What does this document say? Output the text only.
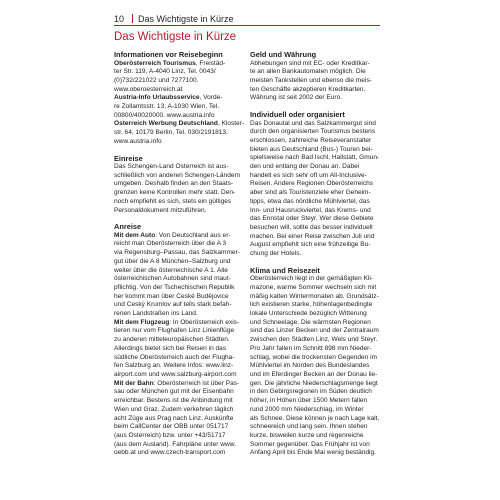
10 Das Wichtigste in Kürze
Das Wichtigste in Kürze
Informationen vor Reisebeginn

Oberösterreich Tourismus, Freistäd-
ter Str. 119, A-4040 Linz, Tel. 0043/
(0)732/221022 und 7277100.
www.oberoesterreich.at
Austria-Info Urlaubsservice, Vorde-
re Zollamtsstr. 13, A-1030 Wien, Tel.
00800/40020000. www.austria.info
Österreich Werbung Deutschland, Kloster-
str. 64, 10179 Berlin, Tel. 030/2191813.
www.austria.info

Einreise

Das Schengen-Land Österreich ist aus-
schließlich von anderen Schengen-Ländern
umgeben. Deshalb finden an den Staats-
grenzen keine Kontrollen mehr statt. Den-
noch empfiehlt es sich, stets ein gültiges
Personaldokument mitzuführen.

Anreise

Mit dem Auto: Von Deutschland aus er-
reicht man Oberösterreich über die A 3
via Regensburg–Passau, das Salzkammer-
gut über die A 8 München–Salzburg und
weiter über die österreichische A 1. Alle
österreichischen Autobahnen sind maut-
pflichtig. Von der Tschechischen Republik
her kommt man über České Budějovice
und Český Krumlov auf teils stark befah-
renen Landstraßen ins Land.
Mit dem Flugzeug: In Oberösterreich exis-
tieren nur vom Flughafen Linz Linienflüge
zu anderen mitteleuropäischen Städten.
Allerdings bietet sich bei Reisen in das
südliche Oberösterreich auch der Flugha-
fen Salzburg an. Weitere Infos: www.linz-
airport.com und www.salzburg-airport.com
Mit der Bahn: Oberösterreich ist über Pas-
sau oder München gut mit der Eisenbahn
erreichbar. Bestens ist die Anbindung mit
Wien und Graz. Zudem verkehren täglich
acht Züge aus Prag nach Linz. Auskünfte
beim CallCenter der ÖBB unter 051717
(aus Österreich) bzw. unter +43/51717
(aus dem Ausland). Fahrpläne unter www.
oebb.at und www.czech-transport.com

Geld und Währung

Abhebungen sind mit EC- oder Kreditkar-
te an allen Bankautomaten möglich. Die
meisten Tankstellen und ebenso die meis-
ten Geschäfte akzeptieren Kreditkarten.
Währung ist seit 2002 der Euro.

Individuell oder organisiert

Das Donautal und das Salzkammergut sind
durch den organisierten Tourismus bestens
erschlossen, zahlreiche Reiseveranstalter
bieten aus Deutschland (Bus-) Touren bei-
spielsweise nach Bad Ischl, Hallstatt, Gmun-
den und entlang der Donau an. Dabei
handelt es sich sehr oft um All-Inclusive-
Reisen. Andere Regionen Oberösterreichs
aber sind als Touristenziele eher Geheim-
tipps, etwa das nördliche Mühlviertel, das
Inn- und Hausruckviertel, das Krems- und
das Ennstal oder Steyr. Wer diese Gebiete
besuchen will, sollte das besser individuell
machen. Bei einer Reise zwischen Juli und
August empfiehlt sich eine frühzeitige Bu-
chung der Hotels.

Klima und Reisezeit

Oberösterreich liegt in der gemäßigten Kli-
mazone, warme Sommer wechseln sich mit
mäßig kalten Wintermonaten ab. Grundsätz-
lich existieren starke, höhenlagenbedingte
lokale Unterschiede bezüglich Witterung
und Schneelage. Die wärmsten Regionen
sind das Linzer Becken und der Zentralraum
zwischen den Städten Linz, Wels und Steyr.
Pro Jahr fallen im Schnitt 898 mm Nieder-
schlag, wobei die trockensten Gegenden im
Mühlviertel im Norden des Bundeslandes
und im Eferdinger Becken an der Donau lie-
gen. Die jährliche Niederschlagsmenge liegt
in den Gebirgsregionen im Süden deutlich
höher, in Höhen über 1500 Metern fallen
rund 2000 mm Niederschlag, im Winter
als Schnee. Diese können je nach Lage kalt,
schneereich und lang sein. Ihnen stehen
kurze, bisweilen kurze und regenreiche
Sommer gegenüber. Das Frühjahr ist von
Anfang April bis Ende Mai wenig beständig.
